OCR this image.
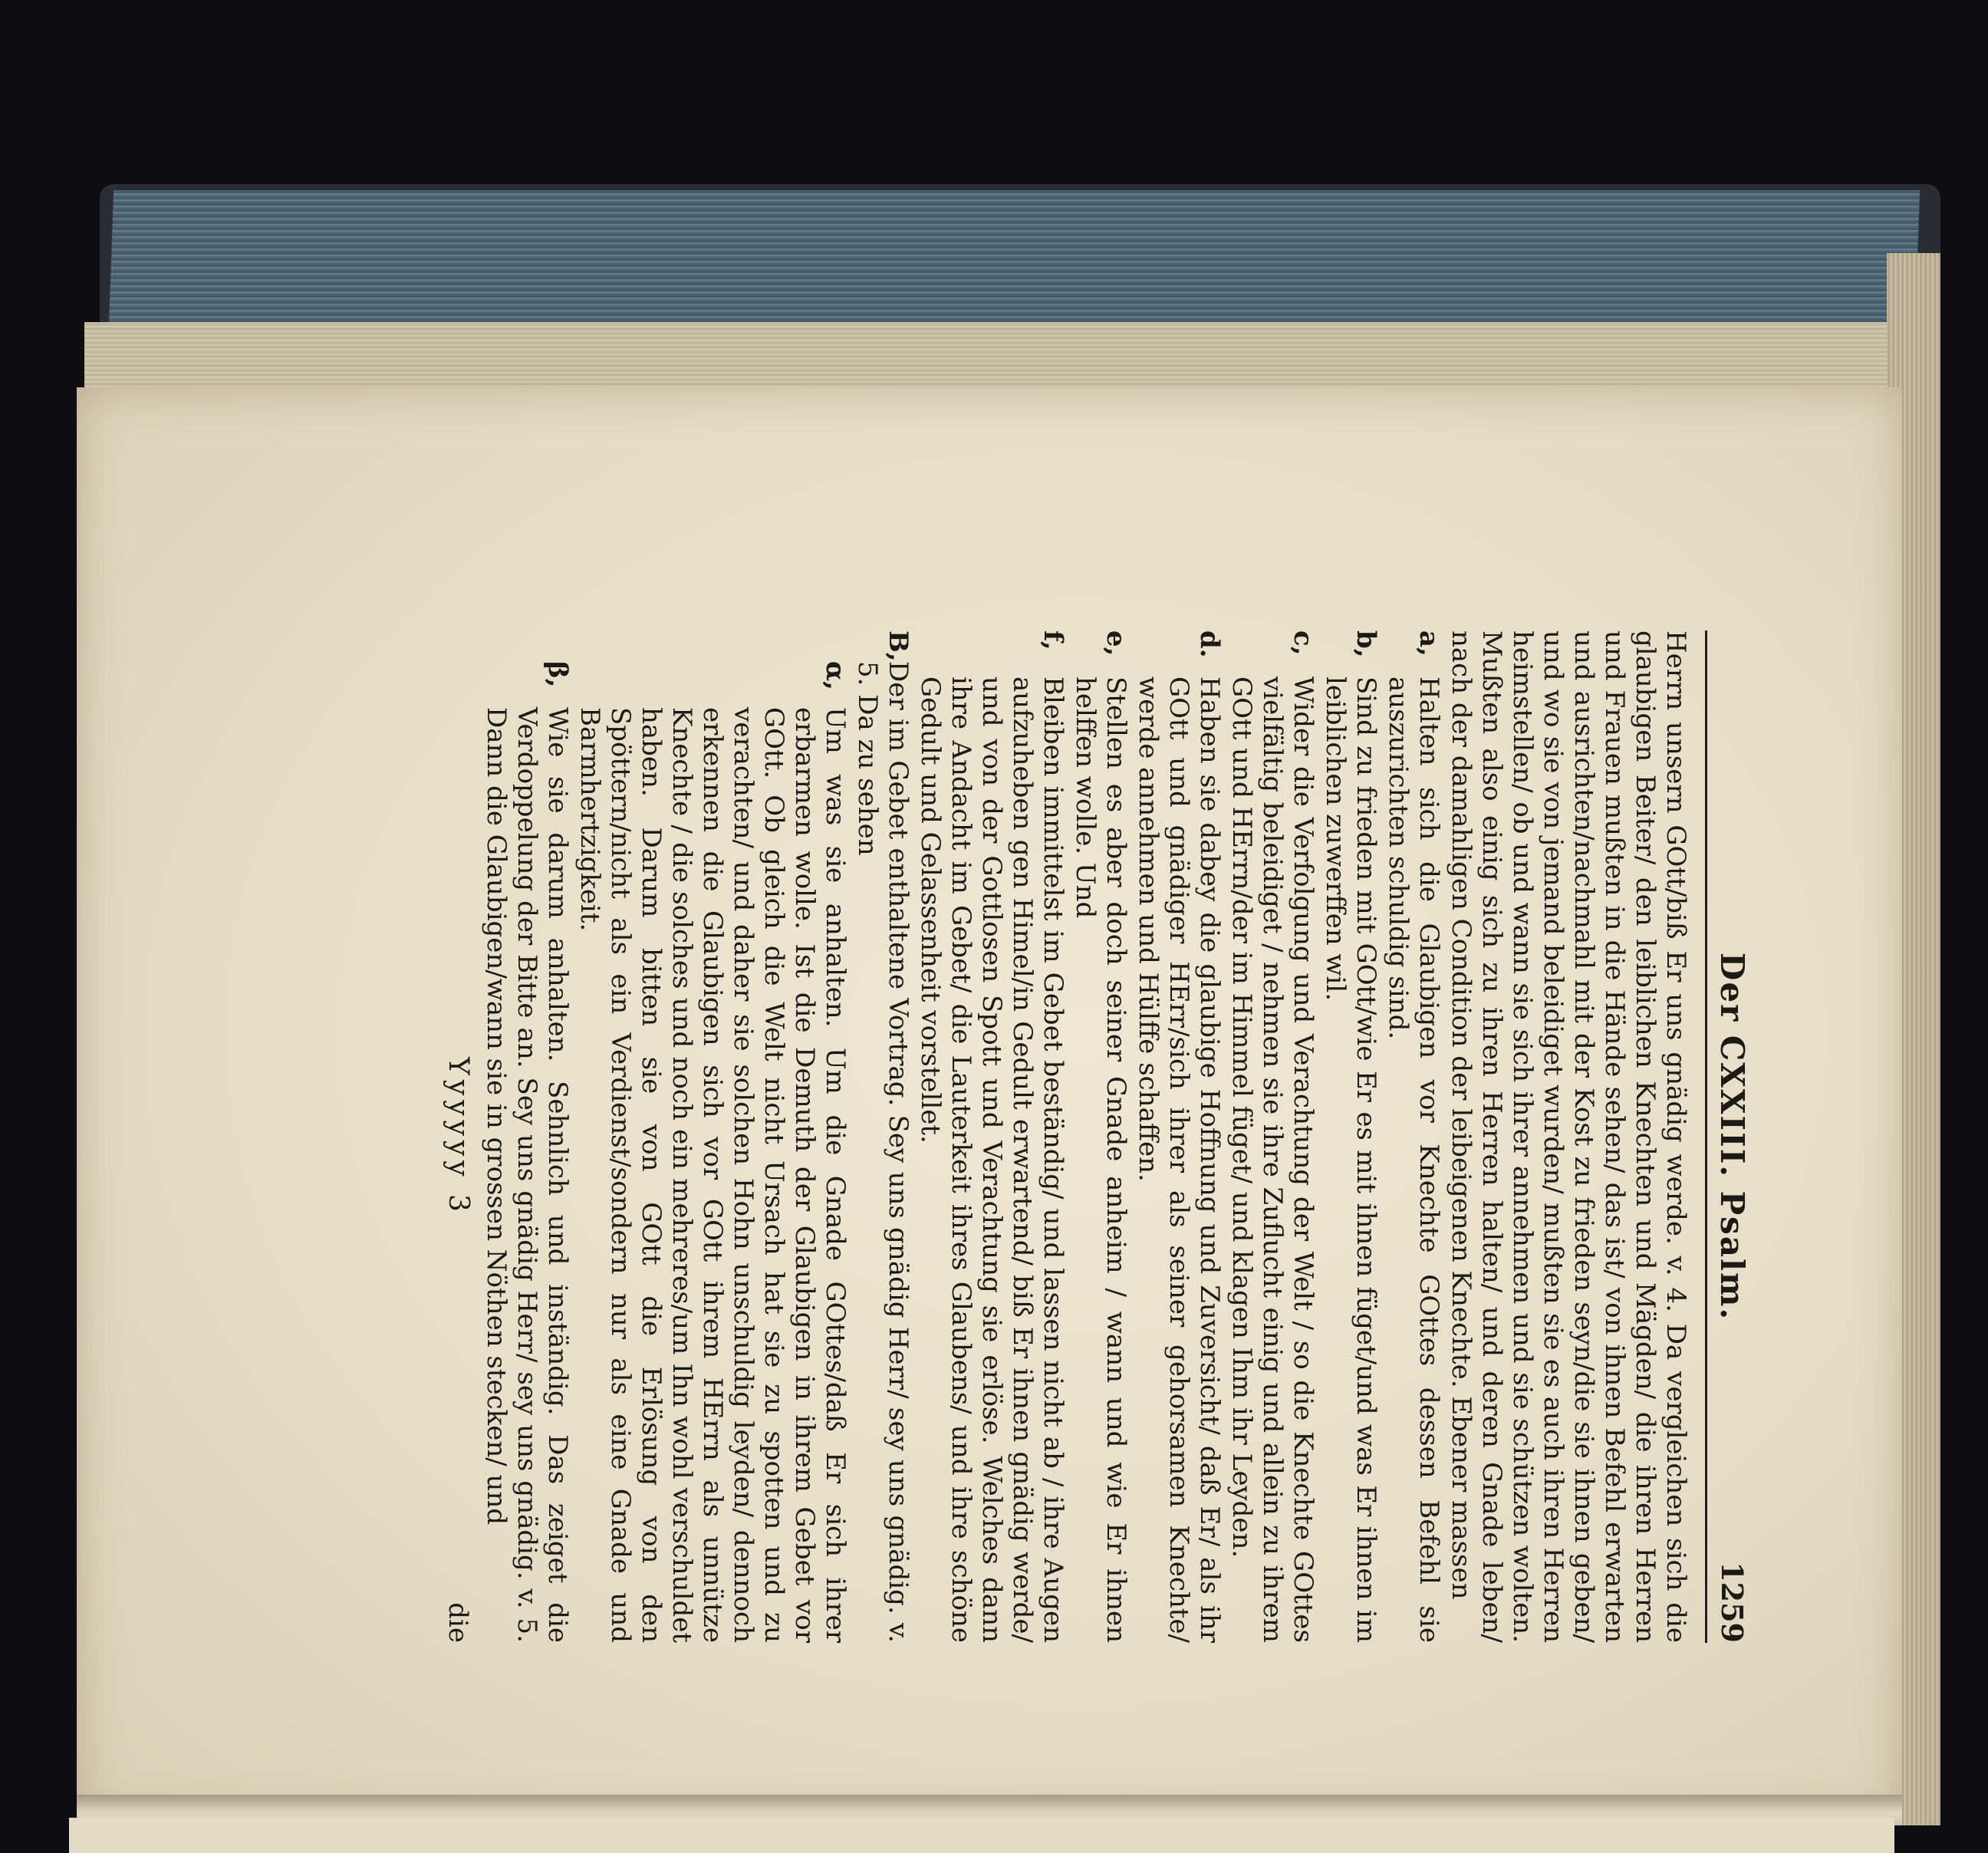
Der CXXIII. Psalm.
1259

Herrn unsern GOtt/biß Er uns gnädig werde. v. 4. Da vergleichen sich die glaubigen Beiter/ den leiblichen Knechten und Mägden/ die ihren Herren und Frauen mußten in die Hände sehen/ das ist/ von ihnen Befehl erwarten und ausrichten/nachmahl mit der Kost zu frieden seyn/die sie ihnen geben/ und wo sie von jemand beleidiget wurden/ mußten sie es auch ihren Herren heimstellen/ ob und wann sie sich ihrer annehmen und sie schützen wolten. Mußten also einig sich zu ihren Herren halten/ und deren Gnade leben/ nach der damahligen Condition der leibeigenen Knechte. Ebener massen

a,
Halten sich die Glaubigen vor Knechte GOttes dessen Befehl sie auszurichten schuldig sind.
b,
Sind zu frieden mit GOtt/wie Er es mit ihnen füget/und was Er ihnen im leiblichen zuwerffen wil.
c,
Wider die Verfolgung und Verachtung der Welt / so die Knechte GOttes vielfältig beleidiget / nehmen sie ihre Zuflucht einig und allein zu ihrem GOtt und HErrn/der im Himmel füget/ und klagen Ihm ihr Leyden.
d.
Haben sie dabey die glaubige Hoffnung und Zuversicht/ daß Er/ als ihr GOtt und gnädiger HErr/sich ihrer als seiner gehorsamen Knechte/ werde annehmen und Hülffe schaffen.
e,
Stellen es aber doch seiner Gnade anheim / wann und wie Er ihnen helffen wolle. Und
f,
Bleiben immittelst im Gebet beständig/ und lassen nicht ab / ihre Augen aufzuheben gen Himel/in Gedult erwartend/ biß Er ihnen gnädig werde/ und von der Gottlosen Spott und Verachtung sie erlöse. Welches dann ihre Andacht im Gebet/ die Lauterkeit ihres Glaubens/ und ihre schöne Gedult und Gelassenheit vorstellet.
B,
Der im Gebet enthaltene Vortrag. Sey uns gnädig Herr/ sey uns gnädig. v. 5. Da zu sehen
α,
Um was sie anhalten. Um die Gnade GOttes/daß Er sich ihrer erbarmen wolle. Ist die Demuth der Glaubigen in ihrem Gebet vor GOtt. Ob gleich die Welt nicht Ursach hat sie zu spotten und zu verachten/ und daher sie solchen Hohn unschuldig leyden/ dennoch erkennen die Glaubigen sich vor GOtt ihrem HErrn als unnütze Knechte / die solches und noch ein mehreres/um Ihn wohl verschuldet haben. Darum bitten sie von GOtt die Erlösung von den Spöttern/nicht als ein Verdienst/sondern nur als eine Gnade und Barmhertzigkeit.
β,
Wie sie darum anhalten. Sehnlich und inständig. Das zeiget die Verdoppelung der Bitte an. Sey uns gnädig Herr/ sey uns gnädig. v. 5. Dann die Glaubigen/wann sie in grossen Nöthen stecken/ und
Yyyyyy 3
die
